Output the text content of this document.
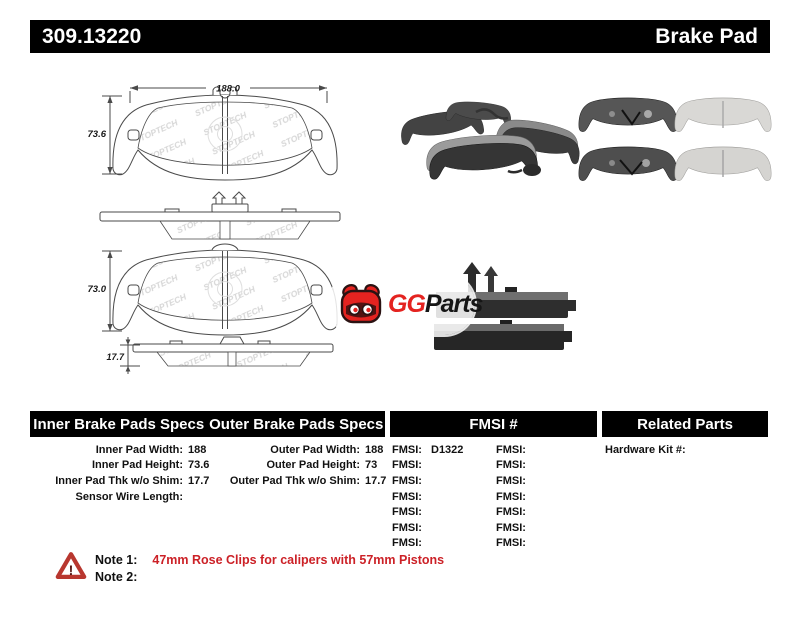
309.13220	Brake Pad
188.0
73.6
73.0
17.7
GGParts
Inner Brake Pads Specs Outer Brake Pads Specs	FMSI #	Related Parts
Inner Pad Width: 188
Inner Pad Height: 73.6
Inner Pad Thk w/o Shim: 17.7
Sensor Wire Length:
Outer Pad Width: 188
Outer Pad Height: 73
Outer Pad Thk w/o Shim: 17.7
FMSI: D1322
FMSI:
FMSI:
FMSI:
FMSI:
FMSI:
FMSI:
FMSI:
FMSI:
FMSI:
FMSI:
FMSI:
FMSI:
FMSI:
Hardware Kit #:
!
Note 1: 47mm Rose Clips for calipers with 57mm Pistons
Note 2:
